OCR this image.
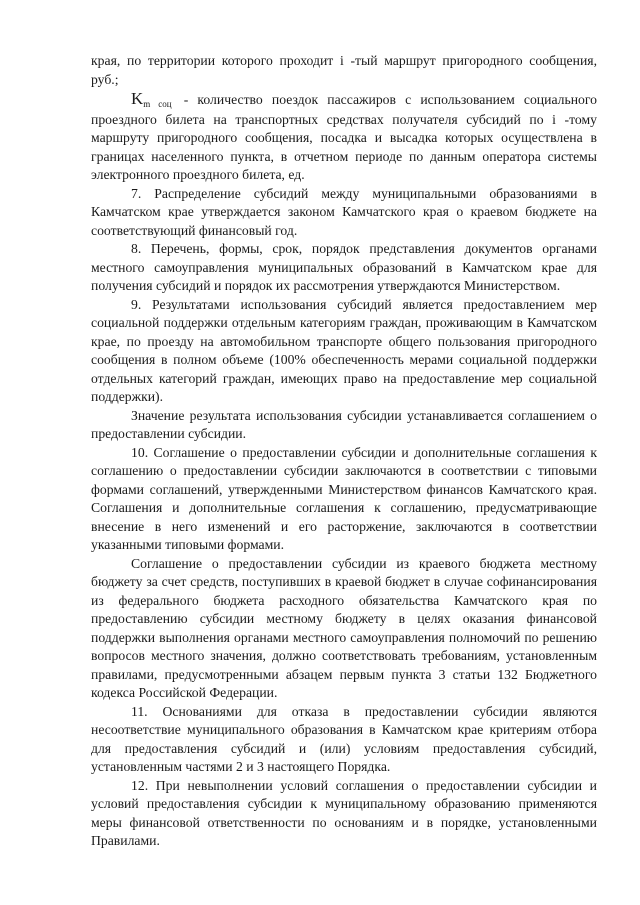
края, по территории которого проходит i -тый маршрут пригородного сообщения, руб.;

$K_{m соц}$ - количество поездок пассажиров с использованием социального проездного билета на транспортных средствах получателя субсидий по i -тому маршруту пригородного сообщения, посадка и высадка которых осуществлена в границах населенного пункта, в отчетном периоде по данным оператора системы электронного проездного билета, ед.

7. Распределение субсидий между муниципальными образованиями в Камчатском крае утверждается законом Камчатского края о краевом бюджете на соответствующий финансовый год.

8. Перечень, формы, срок, порядок представления документов органами местного самоуправления муниципальных образований в Камчатском крае для получения субсидий и порядок их рассмотрения утверждаются Министерством.

9. Результатами использования субсидий является предоставлением мер социальной поддержки отдельным категориям граждан, проживающим в Камчатском крае, по проезду на автомобильном транспорте общего пользования пригородного сообщения в полном объеме (100% обеспеченность мерами социальной поддержки отдельных категорий граждан, имеющих право на предоставление мер социальной поддержки).

Значение результата использования субсидии устанавливается соглашением о предоставлении субсидии.

10. Соглашение о предоставлении субсидии и дополнительные соглашения к соглашению о предоставлении субсидии заключаются в соответствии с типовыми формами соглашений, утвержденными Министерством финансов Камчатского края. Соглашения и дополнительные соглашения к соглашению, предусматривающие внесение в него изменений и его расторжение, заключаются в соответствии указанными типовыми формами.

Соглашение о предоставлении субсидии из краевого бюджета местному бюджету за счет средств, поступивших в краевой бюджет в случае софинансирования из федерального бюджета расходного обязательства Камчатского края по предоставлению субсидии местному бюджету в целях оказания финансовой поддержки выполнения органами местного самоуправления полномочий по решению вопросов местного значения, должно соответствовать требованиям, установленным правилами, предусмотренными абзацем первым пункта 3 статьи 132 Бюджетного кодекса Российской Федерации.

11. Основаниями для отказа в предоставлении субсидии являются несоответствие муниципального образования в Камчатском крае критериям отбора для предоставления субсидий и (или) условиям предоставления субсидий, установленным частями 2 и 3 настоящего Порядка.

12. При невыполнении условий соглашения о предоставлении субсидии и условий предоставления субсидии к муниципальному образованию применяются меры финансовой ответственности по основаниям и в порядке, установленными Правилами.
